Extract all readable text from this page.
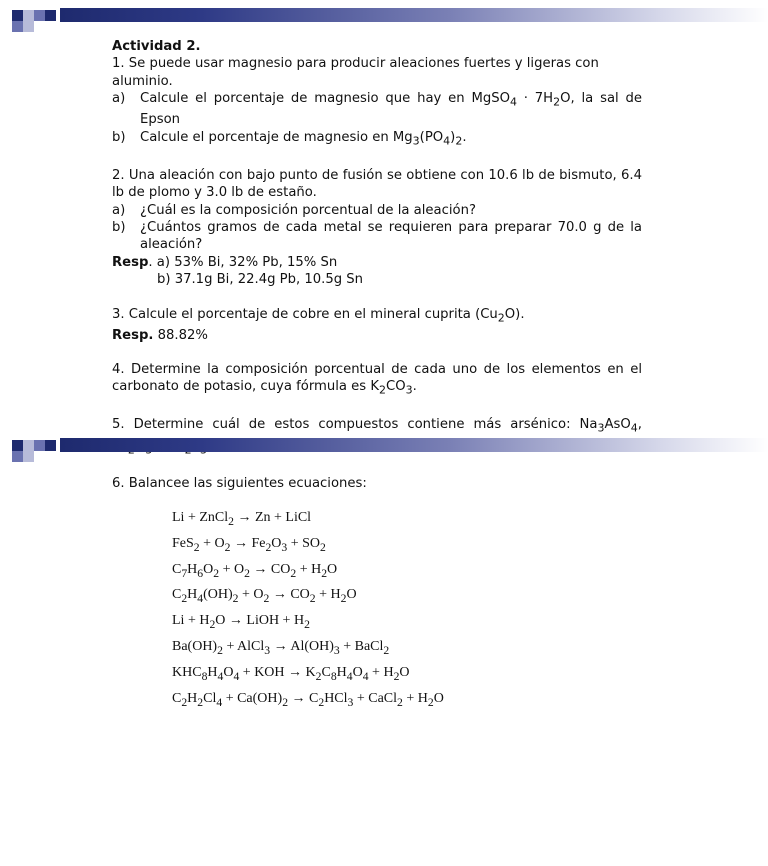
Actividad 2.

1. Se puede usar magnesio para producir aleaciones fuertes y ligeras con aluminio.

a)	Calcule el porcentaje de magnesio que hay en MgSO$_4$ · $7H_2O$, la sal de Epson
b)	Calcule el porcentaje de magnesio en $Mg_3(PO_4)_2$.

2. Una aleación con bajo punto de fusión se obtiene con 10.6 lb de bismuto, 6.4 lb de plomo y 3.0 lb de estaño.

a)	¿Cuál es la composición porcentual de la aleación?
b)	¿Cuántos gramos de cada metal se requieren para preparar 70.0 g de la aleación?

Resp. a) 53% Bi, 32% Pb, 15% Sn

b) 37.1g Bi, 22.4g Pb, 10.5g Sn

3. Calcule el porcentaje de cobre en el mineral cuprita $(Cu_2O)$.

Resp. 88.82%

4. Determine la composición porcentual de cada uno de los elementos en el carbonato de potasio, cuya fórmula es $K_2CO_3$.

5. Determine cuál de estos compuestos contiene más arsénico: $Na_3AsO_4$,

6. Balancee las siguientes ecuaciones:

Li + ZnCl$_2$ → Zn + LiCl
$FeS_2 + O_2 \to Fe_2O_3 + SO_2$
$C_7H_6O_2 + O_2 \to CO_2 + H_2O$
$C_2H_4(OH)_2 + O_2 \to CO_2 + H_2O$
$Li + H_2O$ → LiOH + $H_2$
$Ba(OH)_2$ + AlCl$_3$ → $Al(OH)_3$ + BaCl$_2$
$KHC_8H_4O_4$ + KOH → $K_2C_8H_4O_4 + H_2O$
$C_2H_2Cl_4 + Ca(OH)_2 \to C_2HCl_3$ + CaCl$_2$ + $H_2O$
